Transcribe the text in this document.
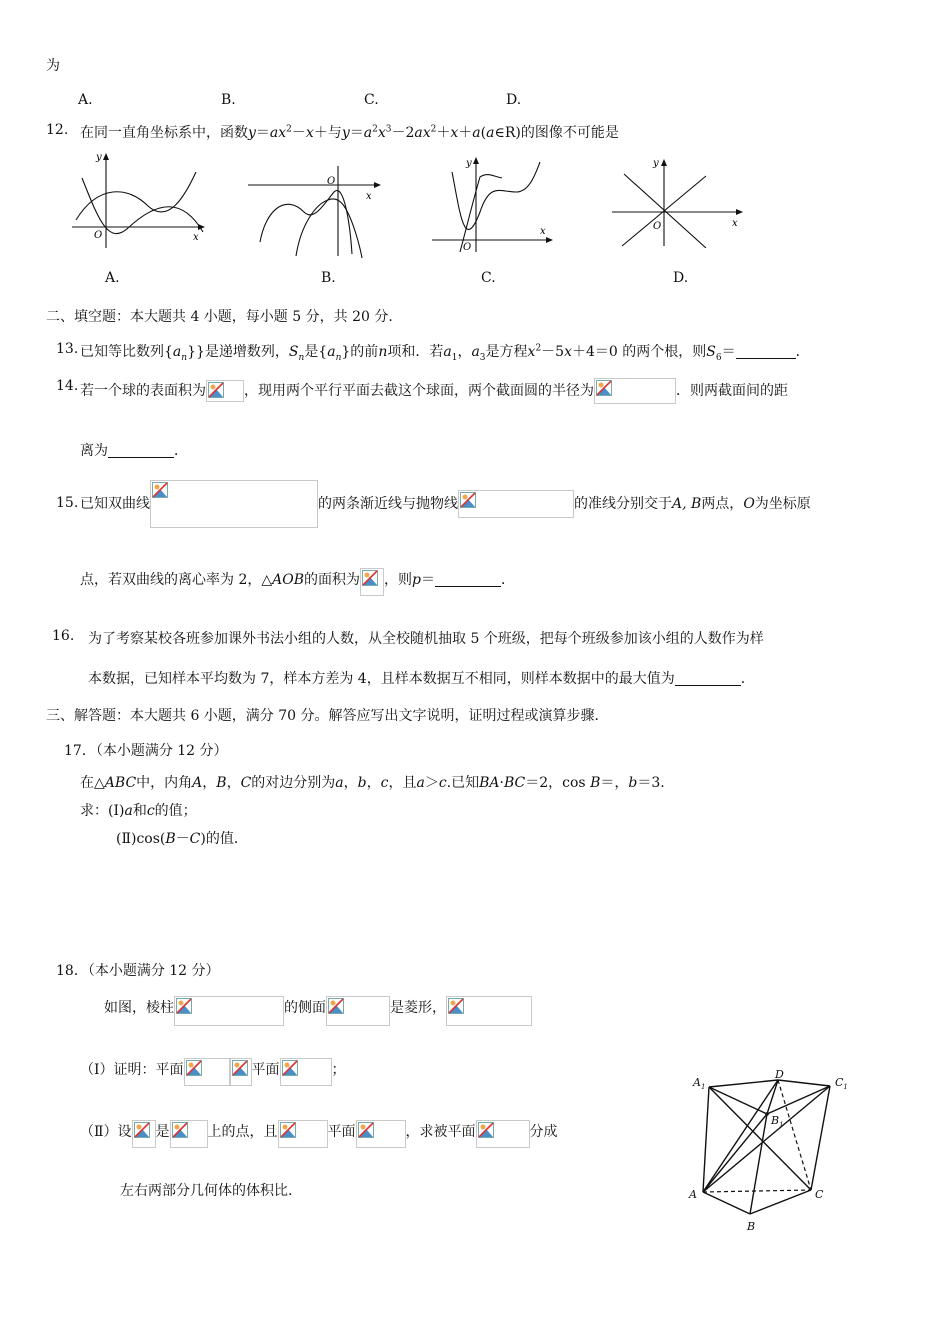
为
A.	B.	C.	D.
12. 在同一直角坐标系中，函数$y=ax^2-x+$与$y=a^2x^3-2ax^2+x+a(a\in R)$的图像不可能是
y
x
O
O
x
y
x
O
y
x
O
A.	B.	C.	D.
二、填空题：本大题共 4 小题，每小题 5 分，共 20 分．
13. 已知等比数列$\{a_n\}$}是递增数列，$S_n$是$\{a_n\}$的前n项和．若$a_1$，$a_3$是方程$x^2-5x+4=0$ 的两个根，则$S_6=$	．
14. 若一个球的表面积为	，现用两个平行平面去截这个球面，两个截面圆的半径为	．则两截面间的距
离为	．
15. 已知双曲线	的两条渐近线与抛物线	的准线分别交于A, B两点，O为坐标原
点，若双曲线的离心率为 2，△AOB的面积为 ，则p＝	．
16. 为了考察某校各班参加课外书法小组的人数，从全校随机抽取 5 个班级，把每个班级参加该小组的人数作为样
本数据，已知样本平均数为 7，样本方差为 4，且样本数据互不相同，则样本数据中的最大值为	．
三、解答题：本大题共 6 小题，满分 70 分。解答应写出文字说明，证明过程或演算步骤．
17．（本小题满分 12 分）
在△ABC中，内角A，B，C的对边分别为a，b，c，且a＞c.已知BA·BC＝2，cos B＝，b＝3.
求：(Ⅰ)a和c的值；
(Ⅱ)cos(B－C)的值．
18．（本小题满分 12 分）
如图，棱柱	的侧面	是菱形，
（Ⅰ）证明：平面	平面	；
（Ⅱ）设 是	上的点，且	平面	，求被平面	分成
左右两部分几何体的体积比.
$A_1$
D
$C_1$
$B_1$
A	C
B
